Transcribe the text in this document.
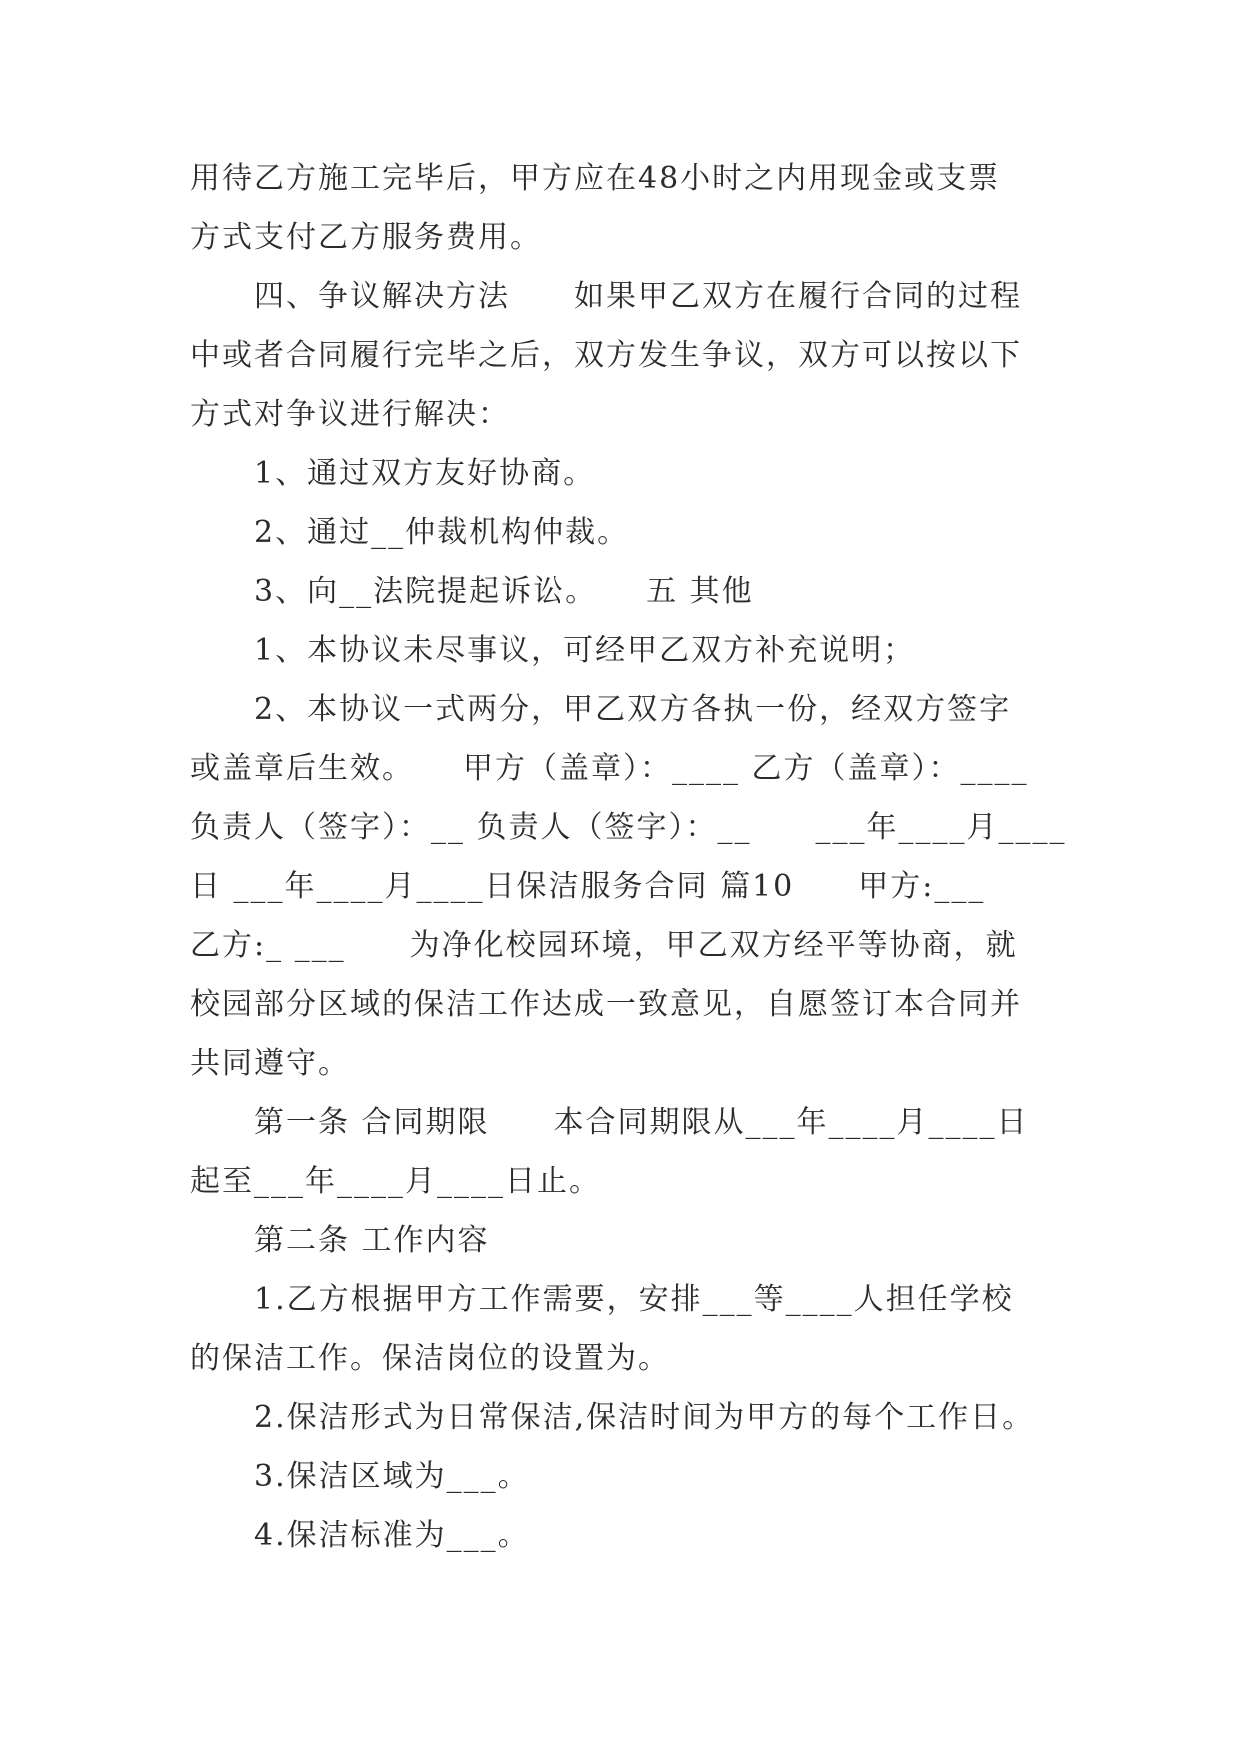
用待乙方施工完毕后，甲方应在48小时之内用现金或支票
方式支付乙方服务费用。
四、争议解决方法　　如果甲乙双方在履行合同的过程
中或者合同履行完毕之后，双方发生争议，双方可以按以下
方式对争议进行解决：
1、通过双方友好协商。
2、通过__仲裁机构仲裁。
3、向__法院提起诉讼。　　五 其他
1、本协议未尽事议，可经甲乙双方补充说明；
2、本协议一式两分，甲乙双方各执一份，经双方签字
或盖章后生效。　　甲方（盖章）：____ 乙方（盖章）：____
负责人（签字）：__ 负责人（签字）：__　　___年____月____
日 ___年____月____日保洁服务合同 篇10　　甲方:___
乙方:_ ___　　为净化校园环境，甲乙双方经平等协商，就
校园部分区域的保洁工作达成一致意见，自愿签订本合同并
共同遵守。
第一条 合同期限　　本合同期限从___年____月____日
起至___年____月____日止。
第二条 工作内容
1.乙方根据甲方工作需要，安排___等____人担任学校
的保洁工作。保洁岗位的设置为。
2.保洁形式为日常保洁,保洁时间为甲方的每个工作日。
3.保洁区域为___。
4.保洁标准为___。
